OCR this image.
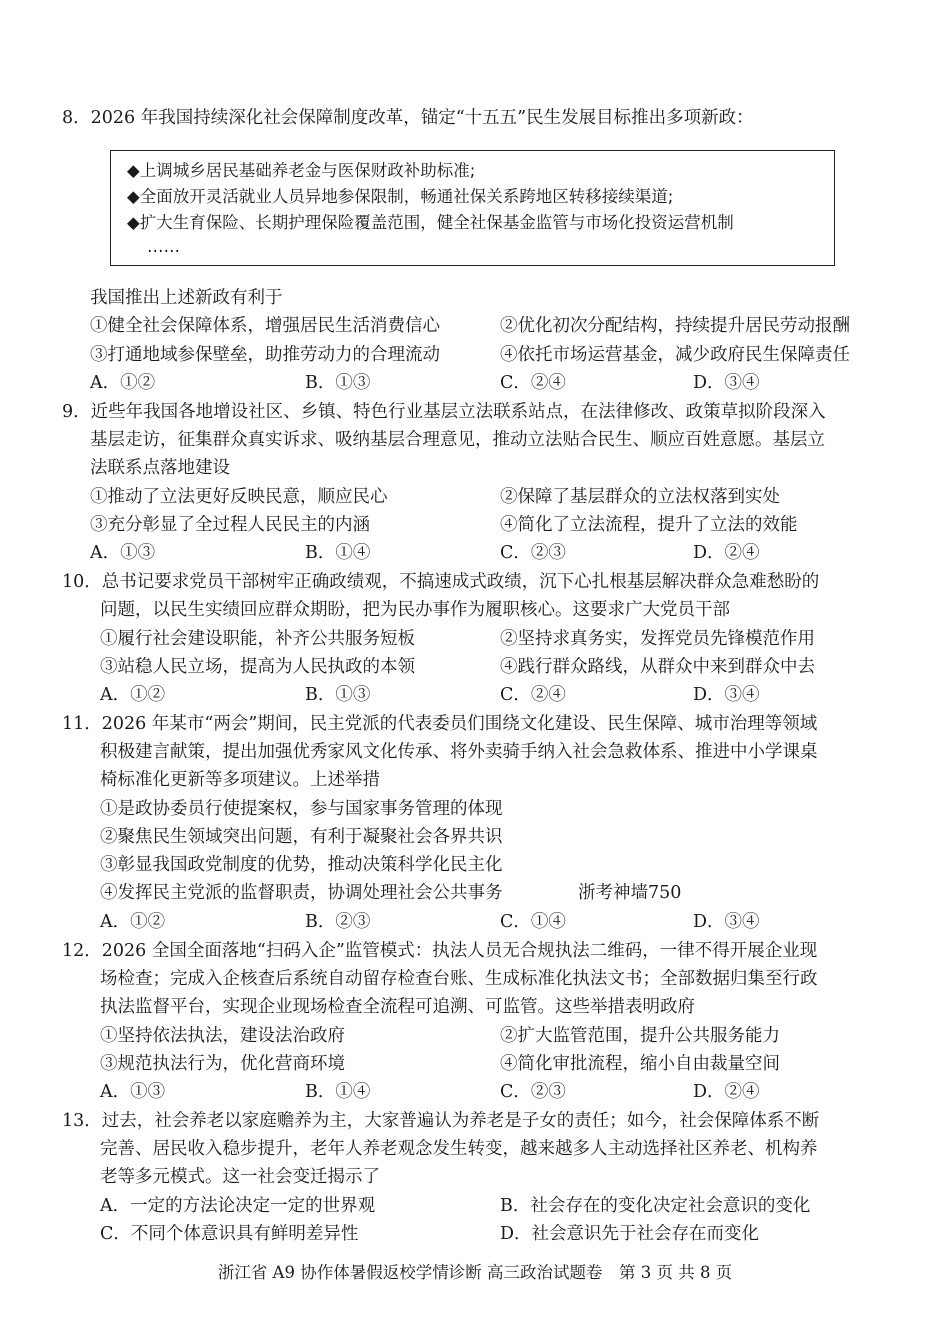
8．2026 年我国持续深化社会保障制度改革，锚定“十五五”民生发展目标推出多项新政：
◆上调城乡居民基础养老金与医保财政补助标准;
◆全面放开灵活就业人员异地参保限制，畅通社保关系跨地区转移接续渠道;
◆扩大生育保险、长期护理保险覆盖范围，健全社保基金监管与市场化投资运营机制
……
我国推出上述新政有利于
①健全社会保障体系，增强居民生活消费信心	②优化初次分配结构，持续提升居民劳动报酬
③打通地域参保壁垒，助推劳动力的合理流动	④依托市场运营基金，减少政府民生保障责任
A．①②	B．①③	C．②④	D．③④
9．近些年我国各地增设社区、乡镇、特色行业基层立法联系站点，在法律修改、政策草拟阶段深入
基层走访，征集群众真实诉求、吸纳基层合理意见，推动立法贴合民生、顺应百姓意愿。基层立
法联系点落地建设
①推动了立法更好反映民意，顺应民心	②保障了基层群众的立法权落到实处
③充分彰显了全过程人民民主的内涵	④简化了立法流程，提升了立法的效能
A．①③	B．①④	C．②③	D．②④
10．总书记要求党员干部树牢正确政绩观，不搞速成式政绩，沉下心扎根基层解决群众急难愁盼的
问题，以民生实绩回应群众期盼，把为民办事作为履职核心。这要求广大党员干部
①履行社会建设职能，补齐公共服务短板	②坚持求真务实，发挥党员先锋模范作用
③站稳人民立场，提高为人民执政的本领	④践行群众路线，从群众中来到群众中去
A．①②	B．①③	C．②④	D．③④
11．2026 年某市“两会”期间，民主党派的代表委员们围绕文化建设、民生保障、城市治理等领域
积极建言献策，提出加强优秀家风文化传承、将外卖骑手纳入社会急救体系、推进中小学课桌
椅标准化更新等多项建议。上述举措
①是政协委员行使提案权，参与国家事务管理的体现
②聚焦民生领域突出问题，有利于凝聚社会各界共识
③彰显我国政党制度的优势，推动决策科学化民主化
④发挥民主党派的监督职责，协调处理社会公共事务	浙考神墙750
A．①②	B．②③	C．①④	D．③④
12．2026 全国全面落地“扫码入企”监管模式：执法人员无合规执法二维码，一律不得开展企业现
场检查；完成入企核查后系统自动留存检查台账、生成标准化执法文书；全部数据归集至行政
执法监督平台，实现企业现场检查全流程可追溯、可监管。这些举措表明政府
①坚持依法执法，建设法治政府	②扩大监管范围，提升公共服务能力
③规范执法行为，优化营商环境	④简化审批流程，缩小自由裁量空间
A．①③	B．①④	C．②③	D．②④
13．过去，社会养老以家庭赡养为主，大家普遍认为养老是子女的责任；如今，社会保障体系不断
完善、居民收入稳步提升，老年人养老观念发生转变，越来越多人主动选择社区养老、机构养
老等多元模式。这一社会变迁揭示了
A．一定的方法论决定一定的世界观	B．社会存在的变化决定社会意识的变化
C．不同个体意识具有鲜明差异性	D．社会意识先于社会存在而变化
浙江省 A9 协作体暑假返校学情诊断 高三政治试题卷　第 3 页 共 8 页
